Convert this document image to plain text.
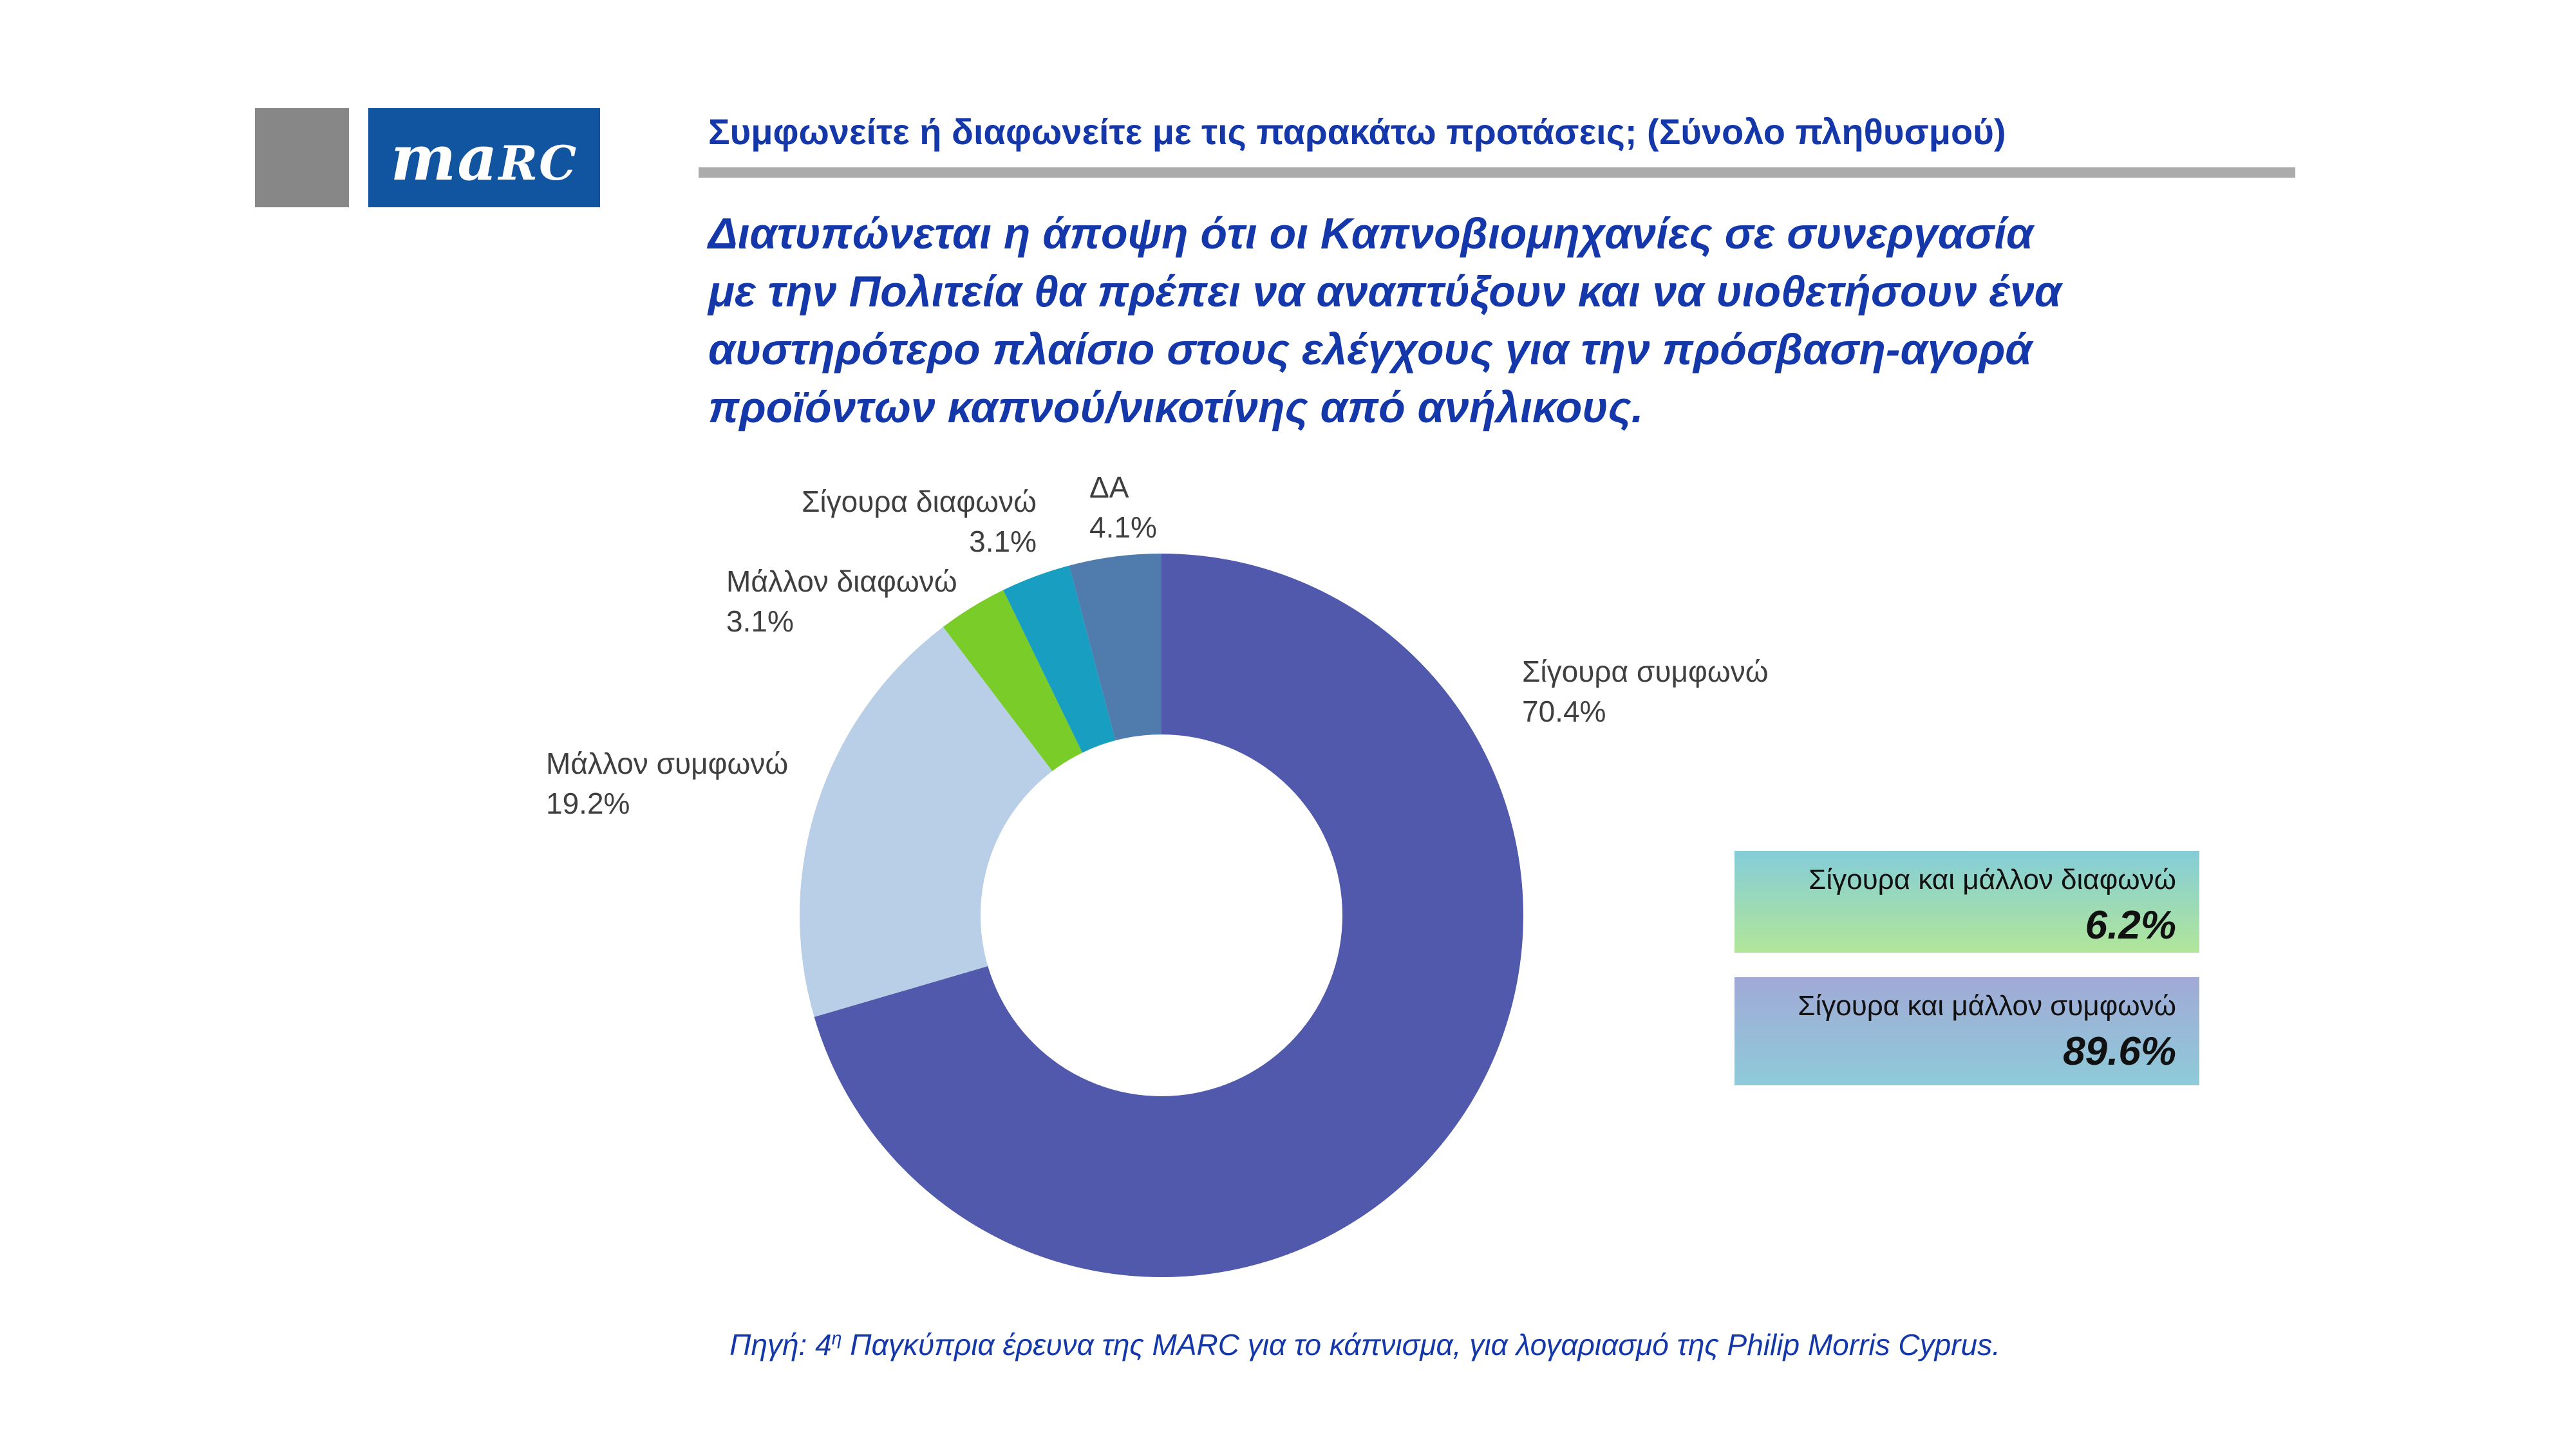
maRC
Συμφωνείτε ή διαφωνείτε με τις παρακάτω προτάσεις; (Σύνολο πληθυσμού)
Διατυπώνεται η άποψη ότι οι Καπνοβιομηχανίες σε συνεργασία
με την Πολιτεία θα πρέπει να αναπτύξουν και να υιοθετήσουν ένα
αυστηρότερο πλαίσιο στους ελέγχους για την πρόσβαση-αγορά
προϊόντων καπνού/νικοτίνης από ανήλικους.
Σίγουρα διαφωνώ
3.1%
ΔΑ
4.1%
Μάλλον διαφωνώ
3.1%
Σίγουρα συμφωνώ
70.4%
Μάλλον συμφωνώ
19.2%
Σίγουρα και μάλλον διαφωνώ
6.2%
Σίγουρα και μάλλον συμφωνώ
89.6%
Πηγή: $4^\eta$ Παγκύπρια έρευνα της MARC για το κάπνισμα, για λογαριασμό της Philip Morris Cyprus.
